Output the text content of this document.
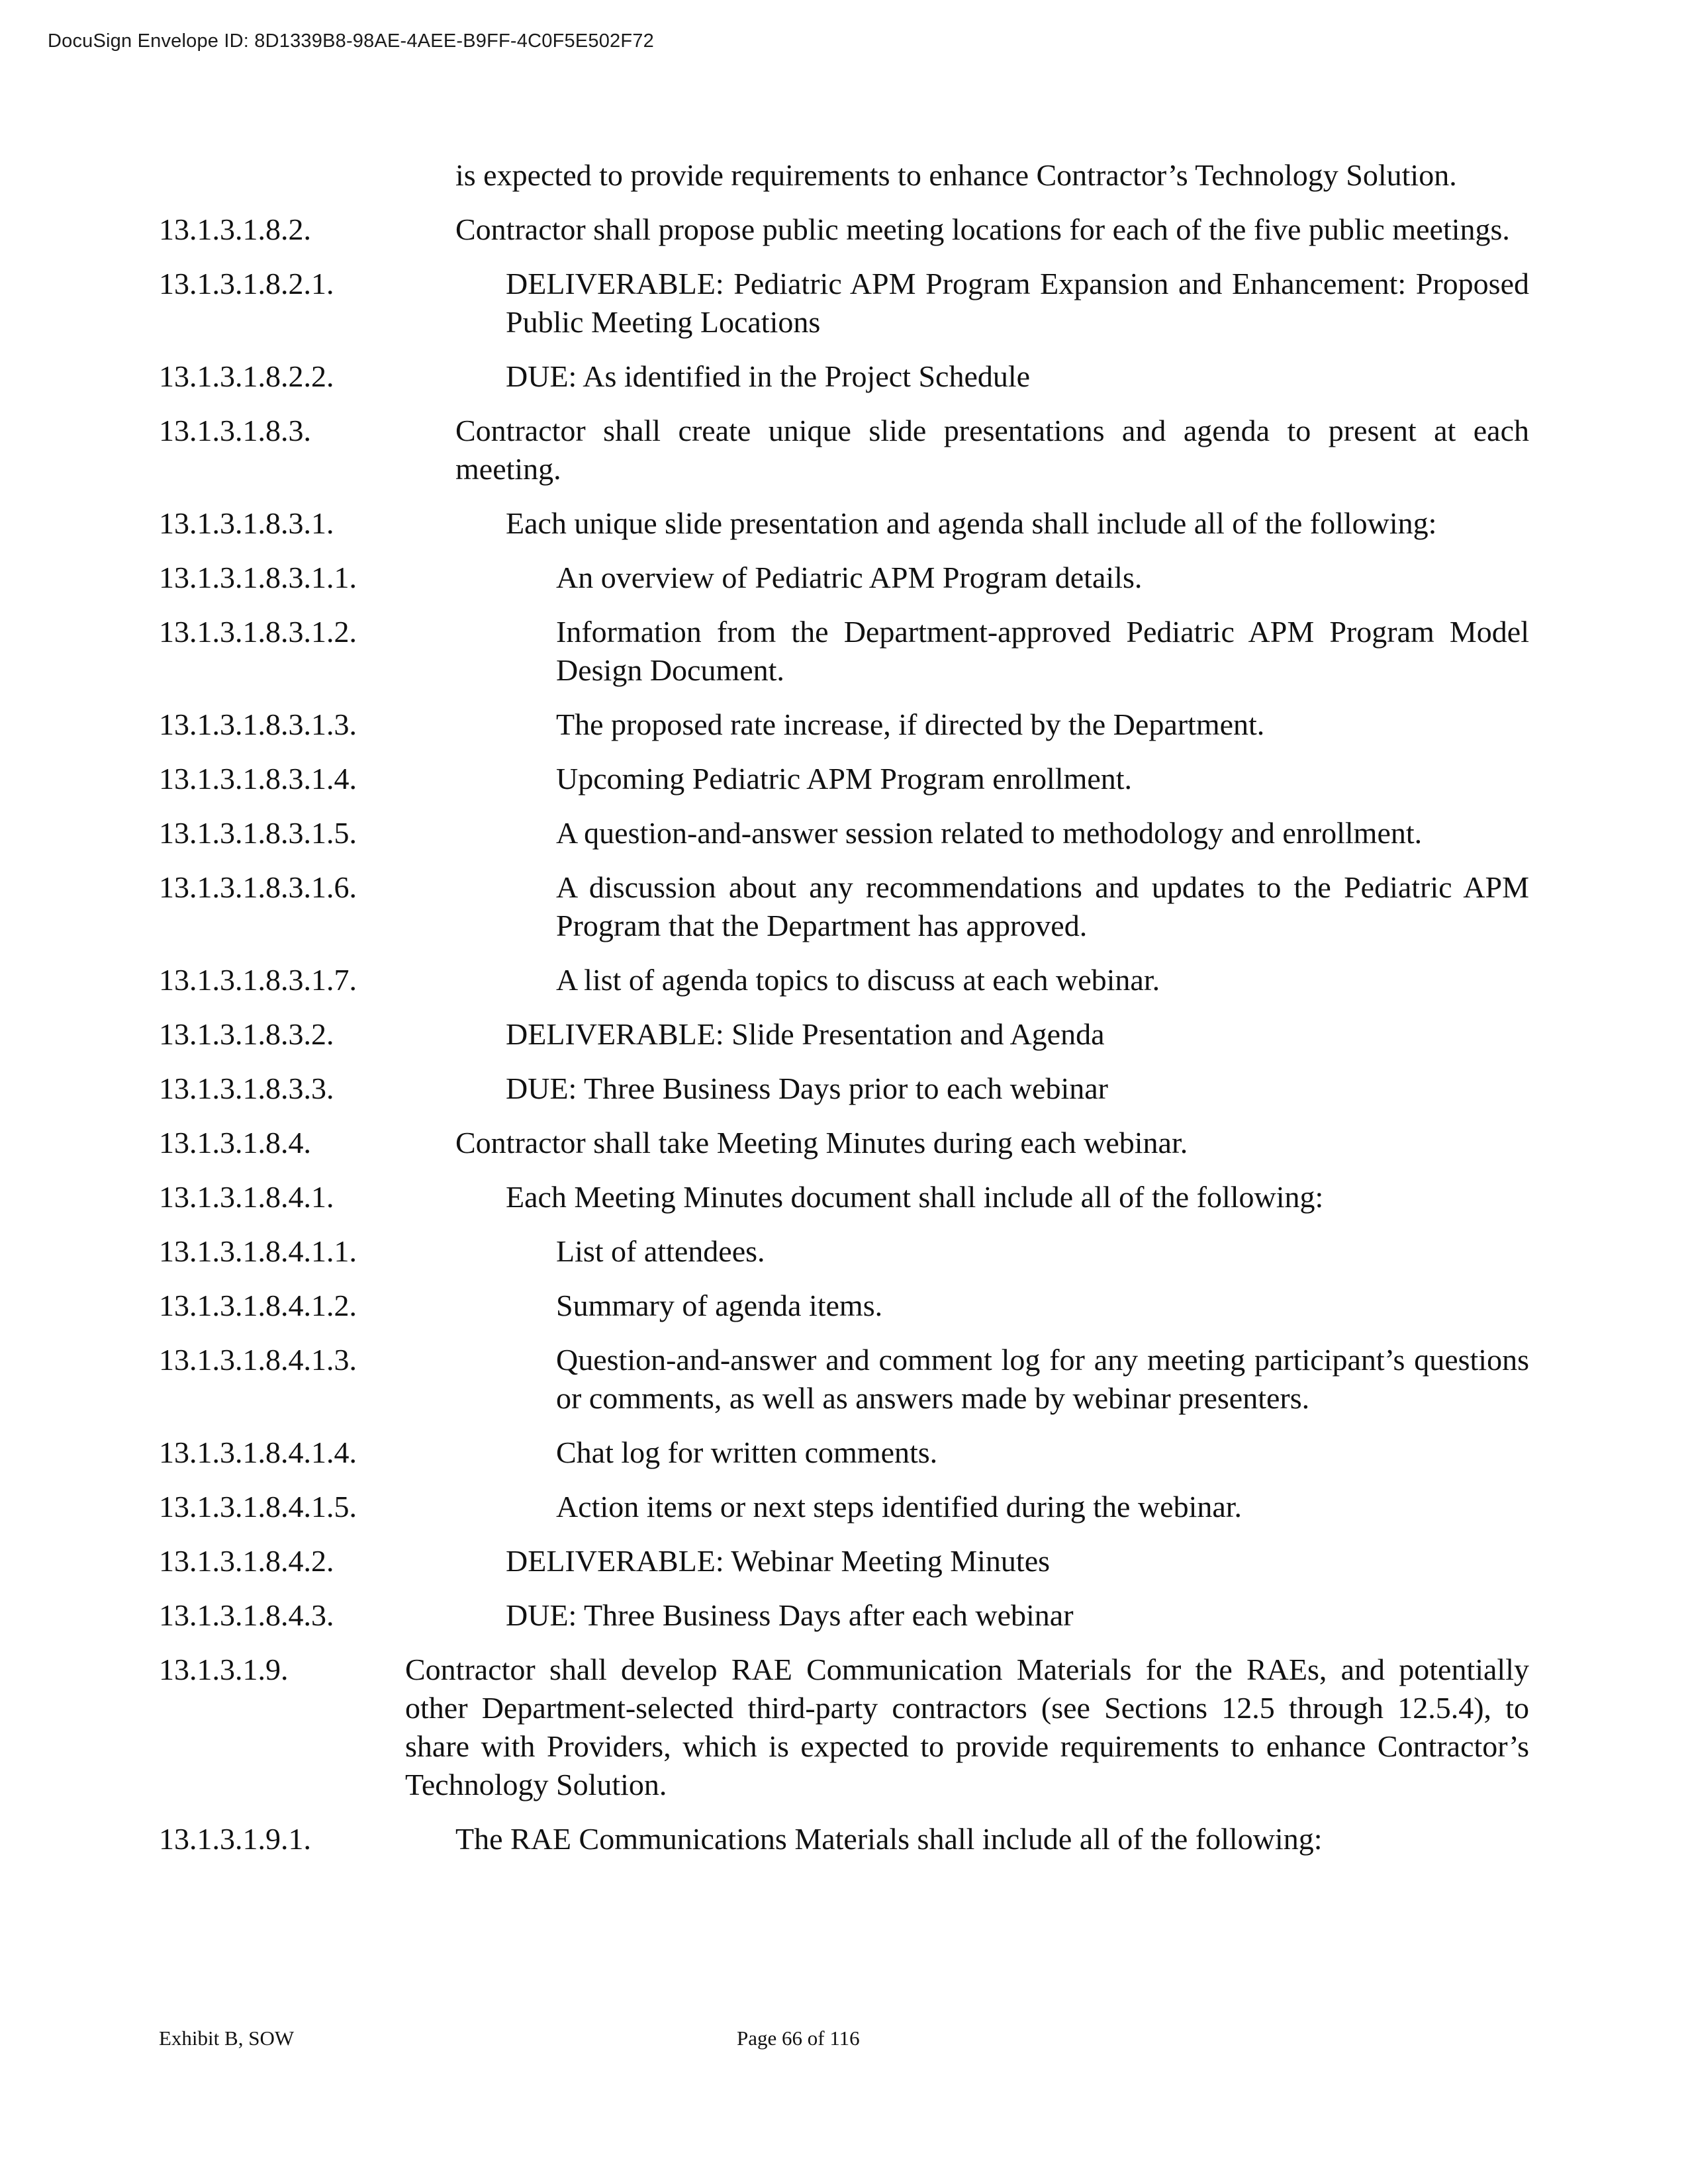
DocuSign Envelope ID: 8D1339B8-98AE-4AEE-B9FF-4C0F5E502F72
is expected to provide requirements to enhance Contractor’s Technology Solution.
13.1.3.1.8.2.	Contractor shall propose public meeting locations for each of the five public meetings.
13.1.3.1.8.2.1.	DELIVERABLE: Pediatric APM Program Expansion and Enhancement: Proposed Public Meeting Locations
13.1.3.1.8.2.2.	DUE: As identified in the Project Schedule
13.1.3.1.8.3.	Contractor shall create unique slide presentations and agenda to present at each meeting.
13.1.3.1.8.3.1.	Each unique slide presentation and agenda shall include all of the following:
13.1.3.1.8.3.1.1.	An overview of Pediatric APM Program details.
13.1.3.1.8.3.1.2.	Information from the Department-approved Pediatric APM Program Model Design Document.
13.1.3.1.8.3.1.3.	The proposed rate increase, if directed by the Department.
13.1.3.1.8.3.1.4.	Upcoming Pediatric APM Program enrollment.
13.1.3.1.8.3.1.5.	A question-and-answer session related to methodology and enrollment.
13.1.3.1.8.3.1.6.	A discussion about any recommendations and updates to the Pediatric APM Program that the Department has approved.
13.1.3.1.8.3.1.7.	A list of agenda topics to discuss at each webinar.
13.1.3.1.8.3.2.	DELIVERABLE: Slide Presentation and Agenda
13.1.3.1.8.3.3.	DUE: Three Business Days prior to each webinar
13.1.3.1.8.4.	Contractor shall take Meeting Minutes during each webinar.
13.1.3.1.8.4.1.	Each Meeting Minutes document shall include all of the following:
13.1.3.1.8.4.1.1.	List of attendees.
13.1.3.1.8.4.1.2.	Summary of agenda items.
13.1.3.1.8.4.1.3.	Question-and-answer and comment log for any meeting participant’s questions or comments, as well as answers made by webinar presenters.
13.1.3.1.8.4.1.4.	Chat log for written comments.
13.1.3.1.8.4.1.5.	Action items or next steps identified during the webinar.
13.1.3.1.8.4.2.	DELIVERABLE: Webinar Meeting Minutes
13.1.3.1.8.4.3.	DUE: Three Business Days after each webinar
13.1.3.1.9.	Contractor shall develop RAE Communication Materials for the RAEs, and potentially other Department-selected third-party contractors (see Sections 12.5 through 12.5.4), to share with Providers, which is expected to provide requirements to enhance Contractor’s Technology Solution.
13.1.3.1.9.1.	The RAE Communications Materials shall include all of the following:
Exhibit B, SOW	Page 66 of 116
